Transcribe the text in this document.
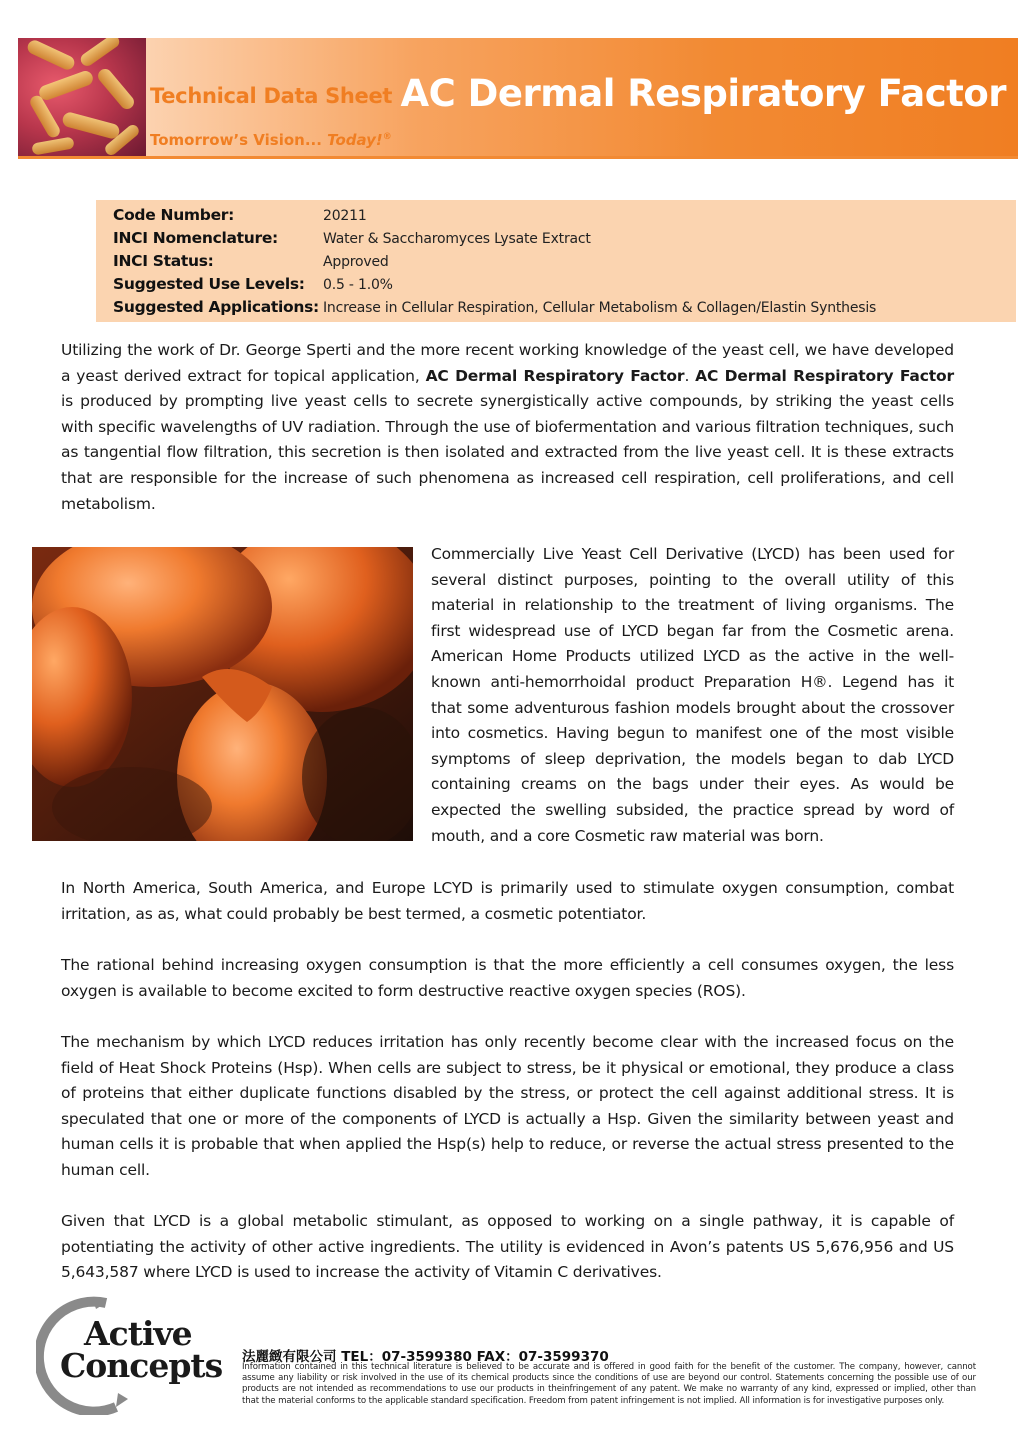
Technical Data Sheet
Tomorrow’s Vision... Today!®
AC Dermal Respiratory Factor
Code Number:	20211
INCI Nomenclature:	Water & Saccharomyces Lysate Extract
INCI Status:	Approved
Suggested Use Levels:	0.5 - 1.0%
Suggested Applications: Increase in Cellular Respiration, Cellular Metabolism & Collagen/Elastin Synthesis

Utilizing the work of Dr. George Sperti and the more recent working knowledge of the yeast cell, we have developed a yeast derived extract for topical application, AC Dermal Respiratory Factor. AC Dermal Respiratory Factor is produced by prompting live yeast cells to secrete synergistically active compounds, by striking the yeast cells with specific wavelengths of UV radiation. Through the use of biofermentation and various filtration techniques, such as tangential flow filtration, this secretion is then isolated and extracted from the live yeast cell. It is these extracts that are responsible for the increase of such phenomena as increased cell respiration, cell proliferations, and cell metabolism.

Commercially Live Yeast Cell Derivative (LYCD) has been used for several distinct purposes, pointing to the overall utility of this material in relationship to the treatment of living organisms. The first widespread use of LYCD began far from the Cosmetic arena. American Home Products utilized LYCD as the active in the well-known anti-hemorrhoidal product Preparation H®. Legend has it that some adventurous fashion models brought about the crossover into cosmetics. Having begun to manifest one of the most visible symptoms of sleep deprivation, the models began to dab LYCD containing creams on the bags under their eyes. As would be expected the swelling subsided, the practice spread by word of mouth, and a core Cosmetic raw material was born.

In North America, South America, and Europe LCYD is primarily used to stimulate oxygen consumption, combat irritation, as as, what could probably be best termed, a cosmetic potentiator.

The rational behind increasing oxygen consumption is that the more efficiently a cell consumes oxygen, the less oxygen is available to become excited to form destructive reactive oxygen species (ROS).

The mechanism by which LYCD reduces irritation has only recently become clear with the increased focus on the field of Heat Shock Proteins (Hsp). When cells are subject to stress, be it physical or emotional, they produce a class of proteins that either duplicate functions disabled by the stress, or protect the cell against additional stress. It is speculated that one or more of the components of LYCD is actually a Hsp. Given the similarity between yeast and human cells it is probable that when applied the Hsp(s) help to reduce, or reverse the actual stress presented to the human cell.

Given that LYCD is a global metabolic stimulant, as opposed to working on a single pathway, it is capable of potentiating the activity of other active ingredients. The utility is evidenced in Avon’s patents US 5,676,956 and US 5,643,587 where LYCD is used to increase the activity of Vitamin C derivatives.

Active
Concepts 法麗緻有限公司 TEL：07-3599380 FAX：07-3599370

Information contained in this technical literature is believed to be accurate and is offered in good faith for the benefit of the customer. The company, however, cannot assume any liability or risk involved in the use of its chemical products since the conditions of use are beyond our control. Statements concerning the possible use of our products are not intended as recommendations to use our products in theinfringement of any patent. We make no warranty of any kind, expressed or implied, other than that the material conforms to the applicable standard specification. Freedom from patent infringement is not implied. All information is for investigative purposes only.
